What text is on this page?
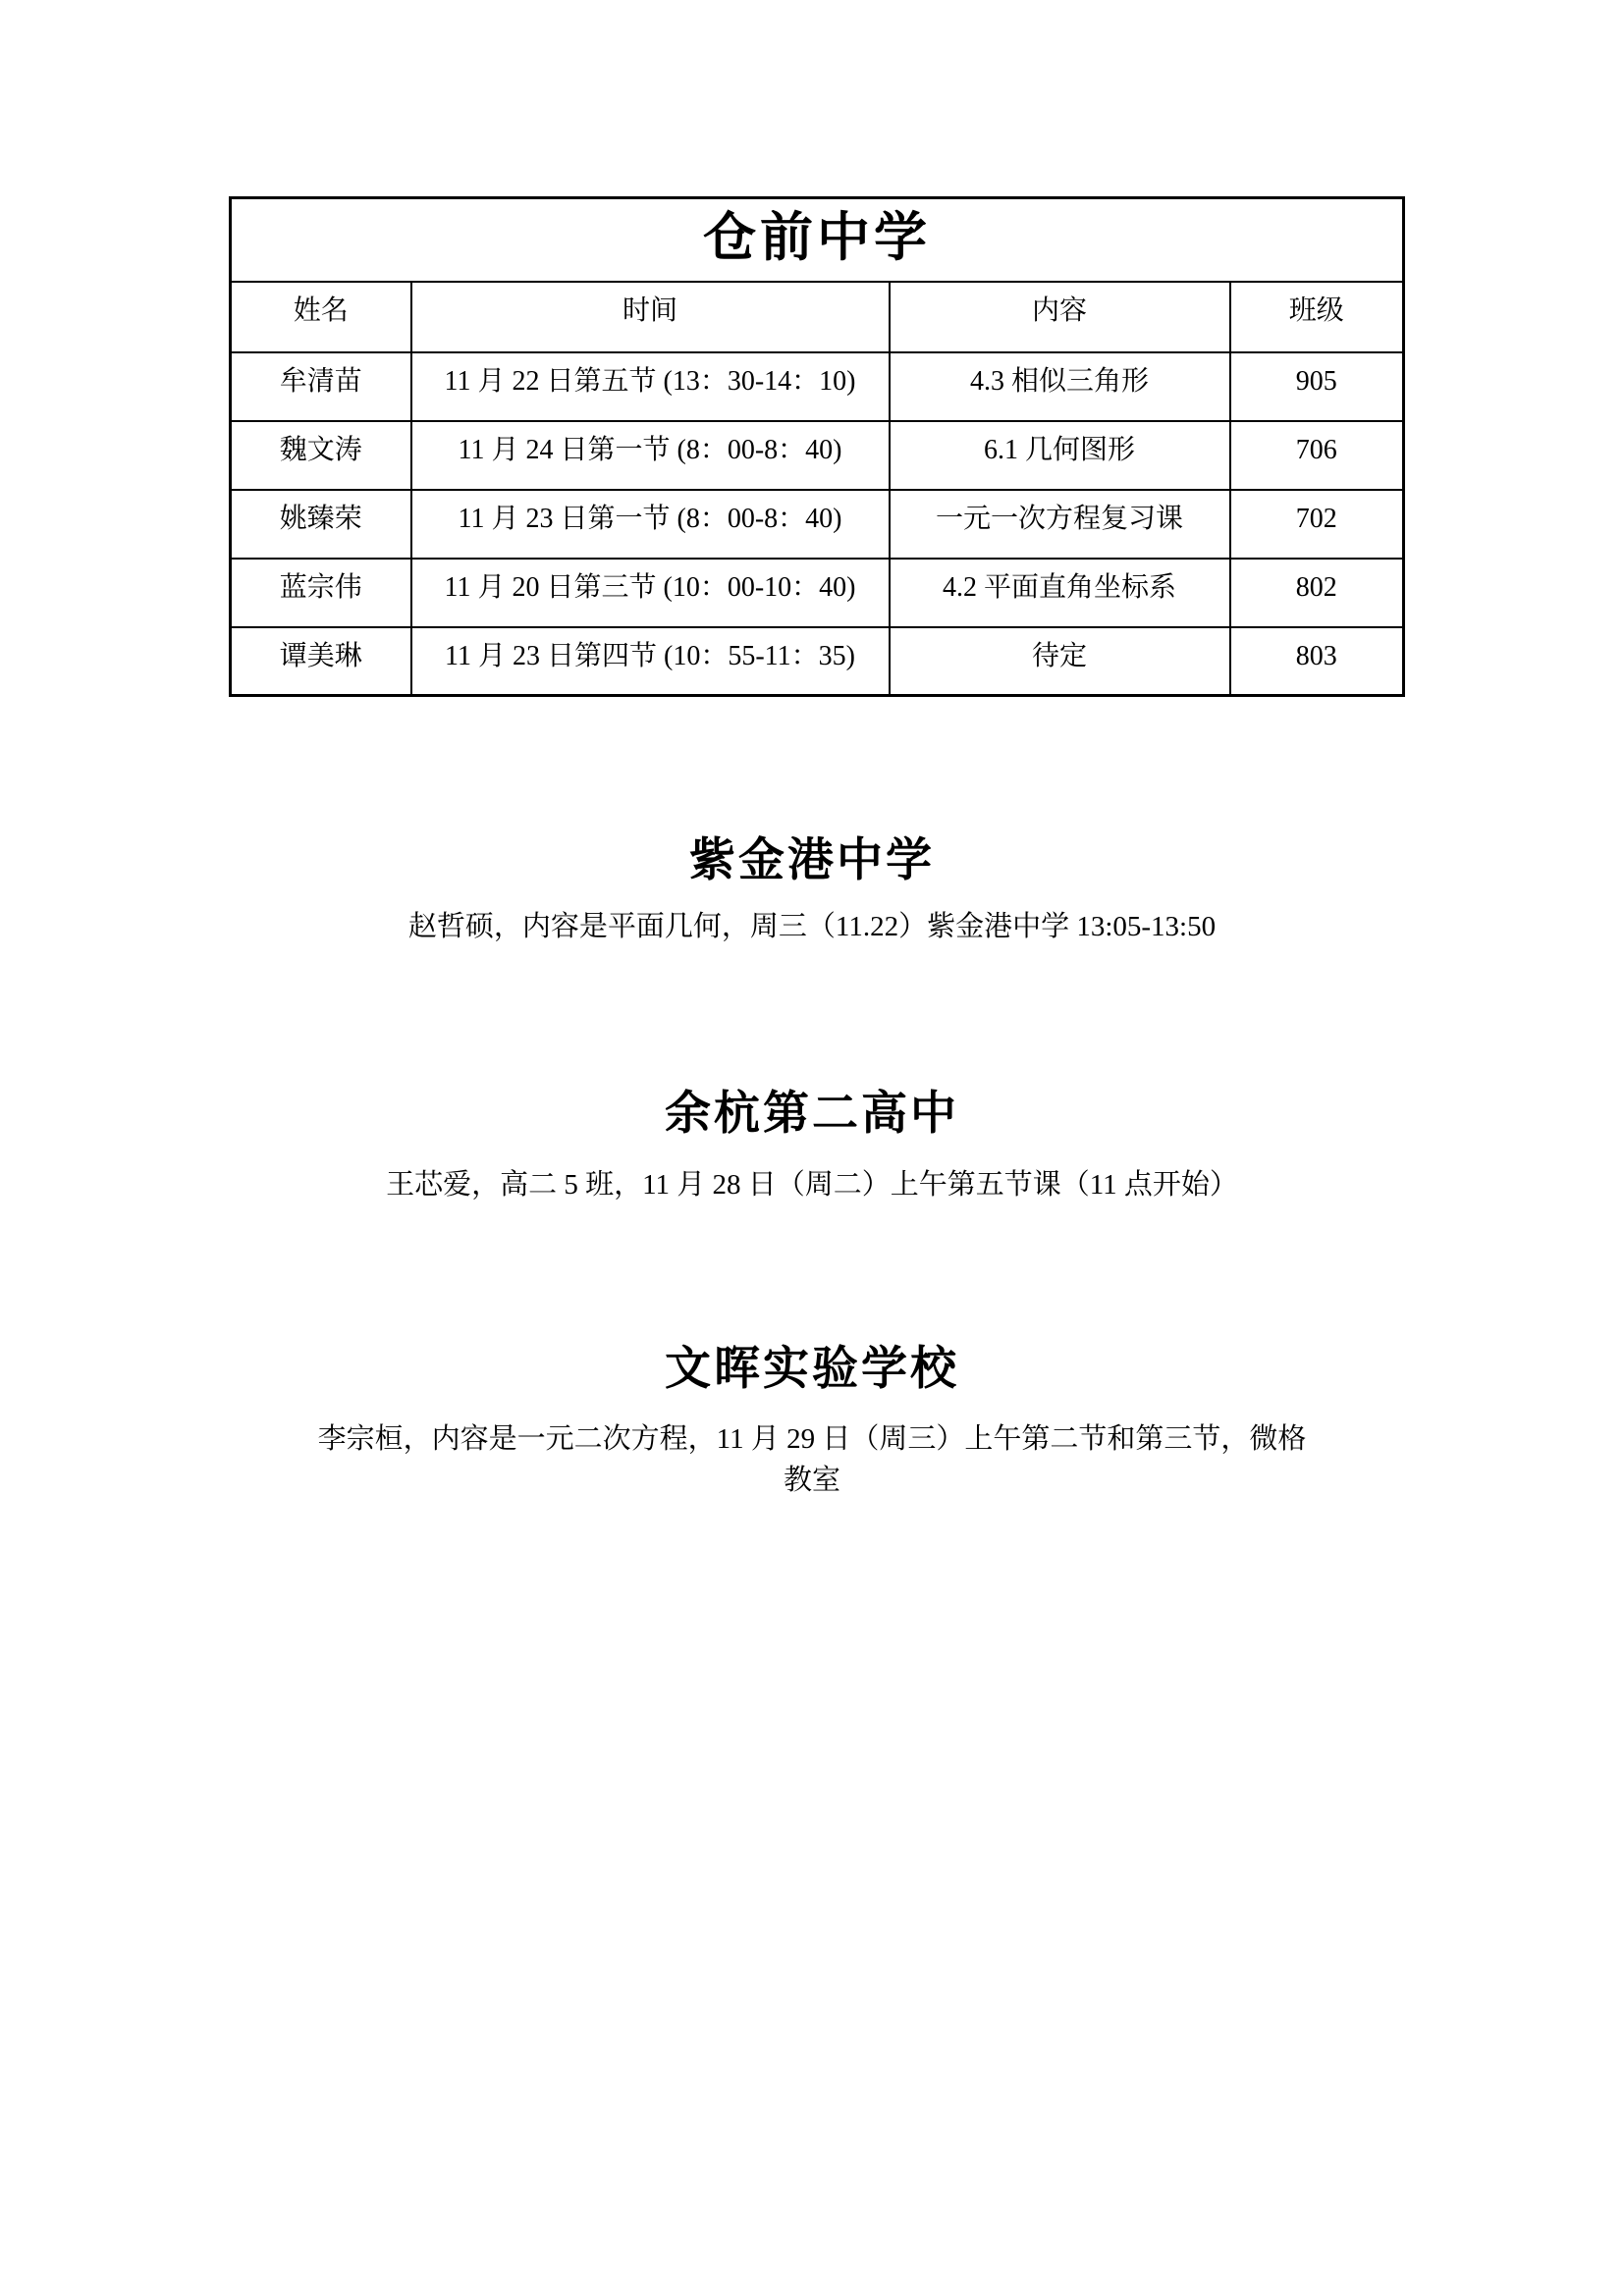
仓前中学			
姓名	时间	内容	班级
牟清苗	11 月 22 日第五节 (13：30-14：10)	4.3 相似三角形	905
魏文涛	11 月 24 日第一节 (8：00-8：40)	6.1 几何图形	706
姚臻荣	11 月 23 日第一节 (8：00-8：40)	一元一次方程复习课	702
蓝宗伟	11 月 20 日第三节 (10：00-10：40)	4.2 平面直角坐标系	802
谭美琳	11 月 23 日第四节 (10：55-11：35)	待定	803
紫金港中学
赵哲硕，内容是平面几何，周三（11.22）紫金港中学 13:05-13:50
余杭第二高中
王芯爱，高二 5 班，11 月 28 日（周二）上午第五节课（11 点开始）
文晖实验学校
李宗桓，内容是一元二次方程，11 月 29 日（周三）上午第二节和第三节，微格
教室
